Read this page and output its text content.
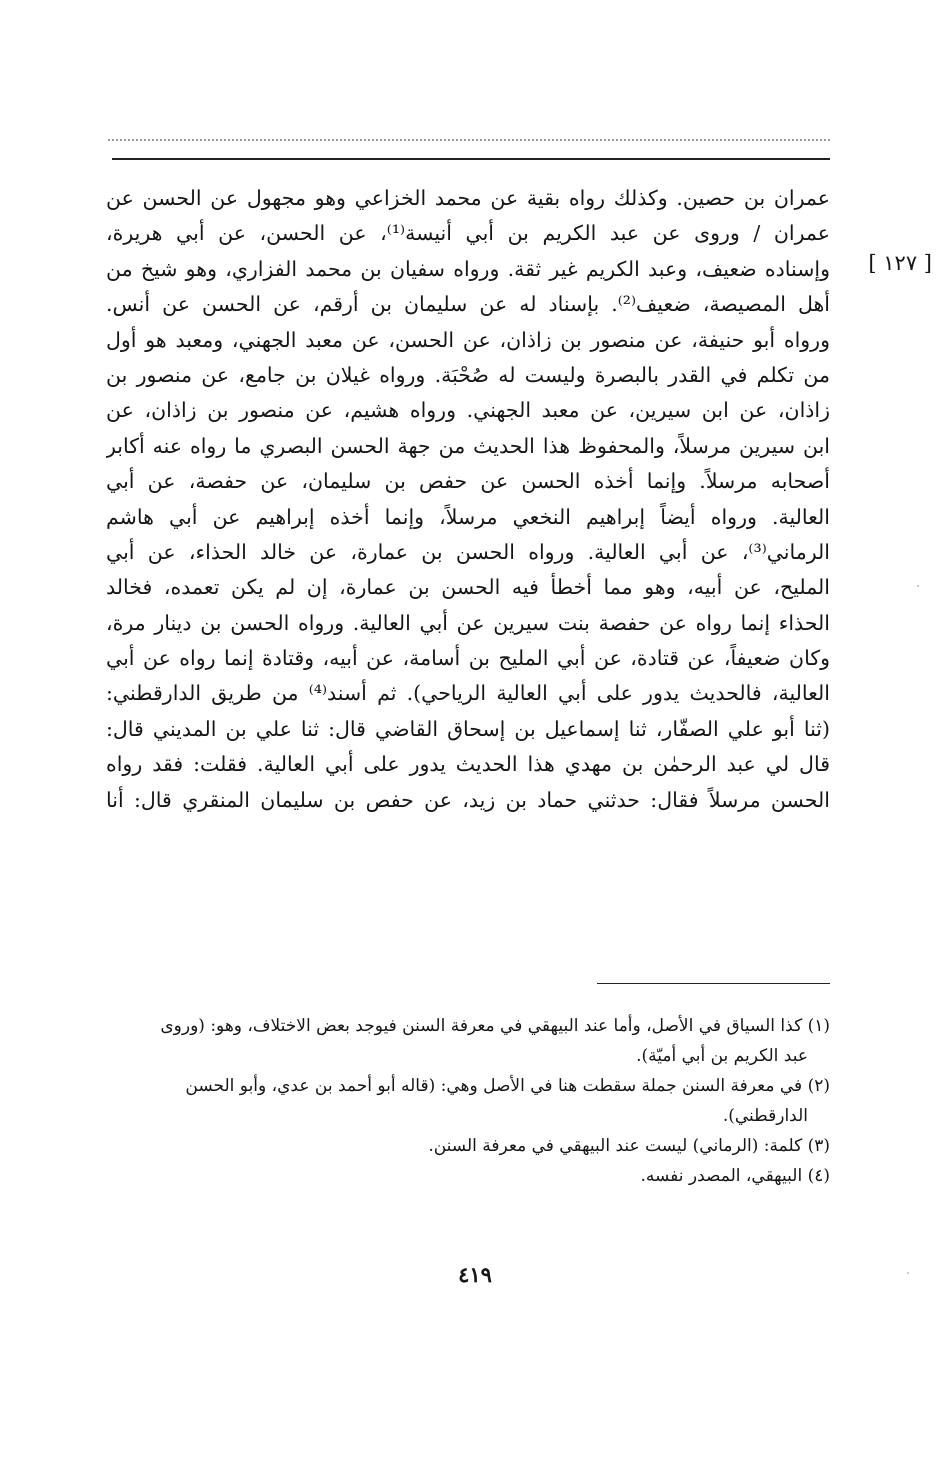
[ ١٢٧ ]
عمران بن حصين. وكذلك رواه بقية عن محمد الخزاعي وهو مجهول عن الحسن عن
عمران / وروى عن عبد الكريم بن أبي أنيسة⁽¹⁾، عن الحسن، عن أبي هريرة،
وإسناده ضعيف، وعبد الكريم غير ثقة. ورواه سفيان بن محمد الفزاري، وهو شيخ من
أهل المصيصة، ضعيف⁽²⁾. بإسناد له عن سليمان بن أرقم، عن الحسن عن أنس.
ورواه أبو حنيفة، عن منصور بن زاذان، عن الحسن، عن معبد الجهني، ومعبد هو أول
من تكلم في القدر بالبصرة وليست له صُحْبَة. ورواه غيلان بن جامع، عن منصور بن
زاذان، عن ابن سيرين، عن معبد الجهني. ورواه هشيم، عن منصور بن زاذان، عن
ابن سيرين مرسلاً، والمحفوظ هذا الحديث من جهة الحسن البصري ما رواه عنه أكابر
أصحابه مرسلاً. وإنما أخذه الحسن عن حفص بن سليمان، عن حفصة، عن أبي
العالية. ورواه أيضاً إبراهيم النخعي مرسلاً، وإنما أخذه إبراهيم عن أبي هاشم
الرماني⁽³⁾، عن أبي العالية. ورواه الحسن بن عمارة، عن خالد الحذاء، عن أبي
المليح، عن أبيه، وهو مما أخطأ فيه الحسن بن عمارة، إن لم يكن تعمده، فخالد
الحذاء إنما رواه عن حفصة بنت سيرين عن أبي العالية. ورواه الحسن بن دينار مرة،
وكان ضعيفاً، عن قتادة، عن أبي المليح بن أسامة، عن أبيه، وقتادة إنما رواه عن أبي
العالية، فالحديث يدور على أبي العالية الرياحي). ثم أسند⁽⁴⁾ من طريق الدارقطني:
(ثنا أبو علي الصفّار، ثنا إسماعيل بن إسحاق القاضي قال: ثنا علي بن المديني قال:
قال لي عبد الرحمٰن بن مهدي هذا الحديث يدور على أبي العالية. فقلت: فقد رواه
الحسن مرسلاً فقال: حدثني حماد بن زيد، عن حفص بن سليمان المنقري قال: أنا
(١) كذا السياق في الأصل، وأما عند البيهقي في معرفة السنن فيوجد بعض الاختلاف، وهو: (وروى
عبد الكريم بن أبي أميّة).
(٢) في معرفة السنن جملة سقطت هنا في الأصل وهي: (قاله أبو أحمد بن عدي، وأبو الحسن
الدارقطني).
(٣) كلمة: (الرماني) ليست عند البيهقي في معرفة السنن.
(٤) البيهقي، المصدر نفسه.
٤١٩
